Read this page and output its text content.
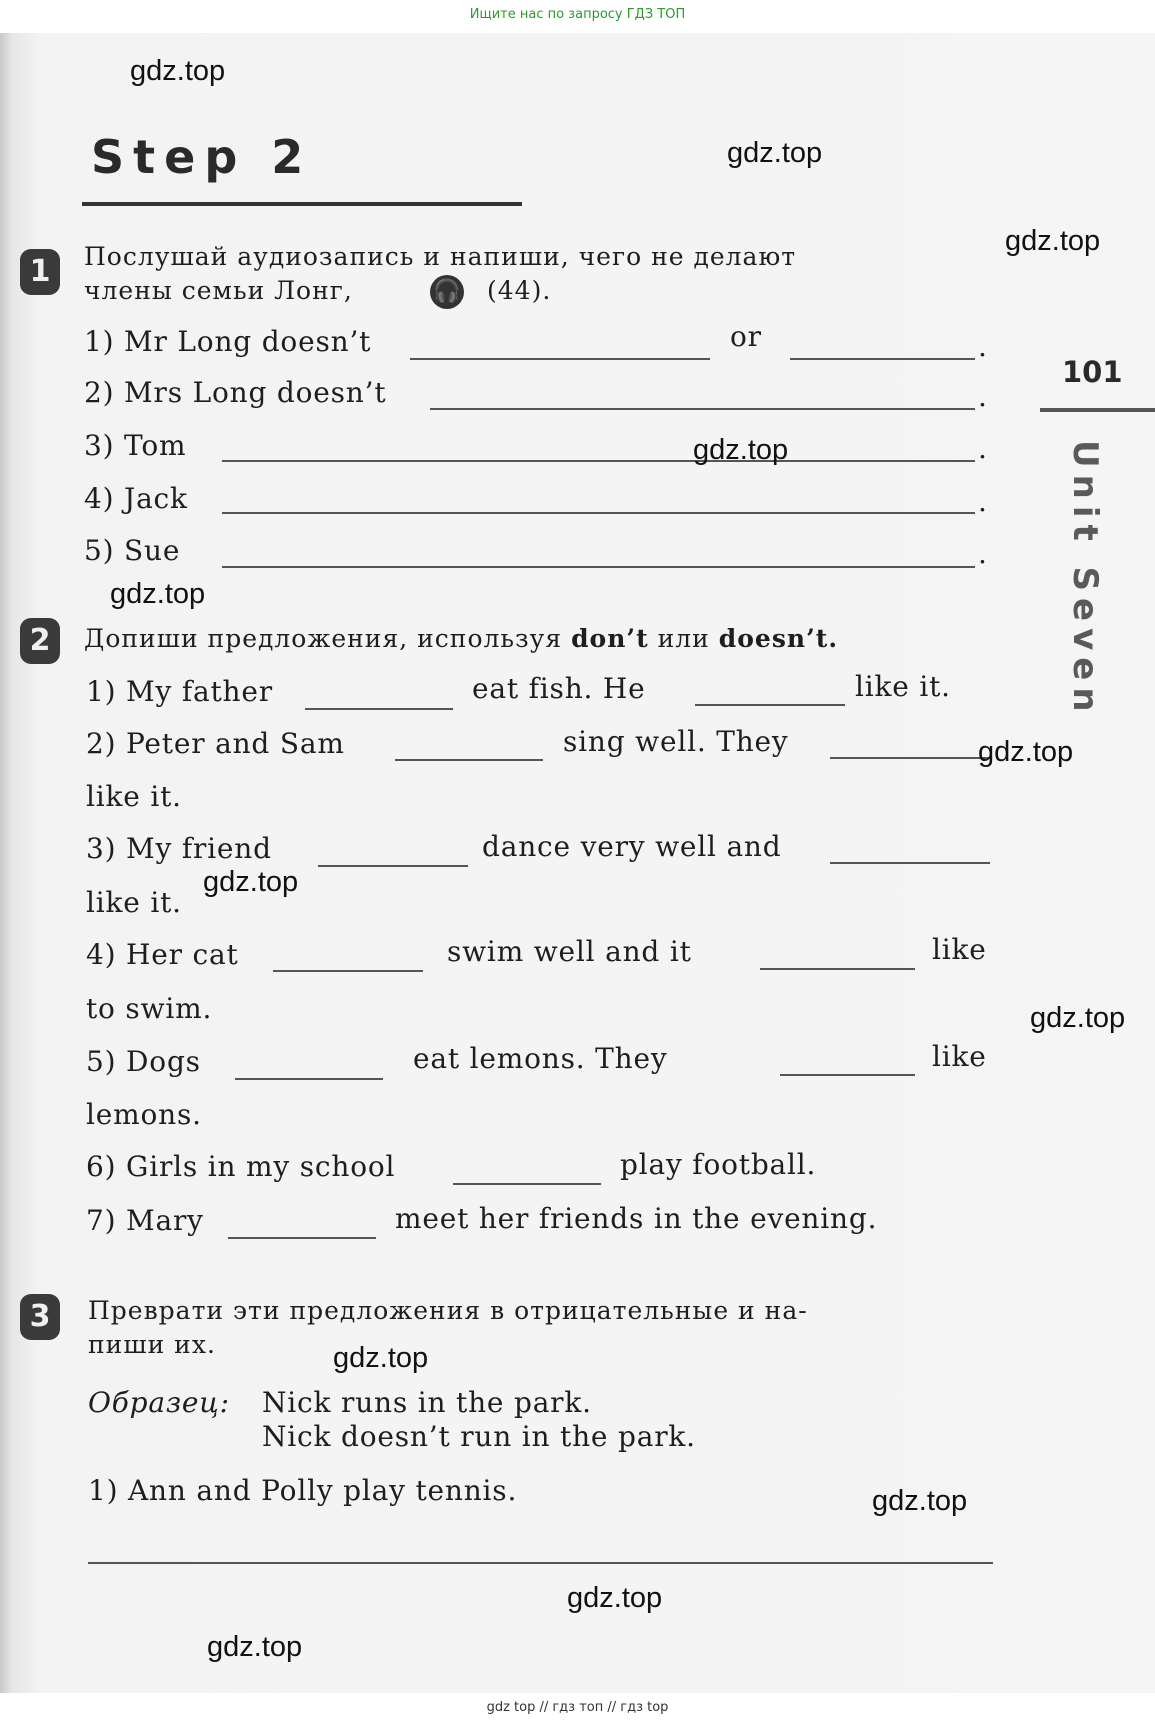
Ищите нас по запросу ГДЗ ТОП
gdz.top
Step 2	gdz.top
101
Unit Seven
1	Послушай аудиозапись и напиши, чего не делают	gdz.top
члены семьи Лонг,	🎧 (44).
1) Mr Long doesn’t	or	.
2) Mrs Long doesn’t	.
3) Tom	.
gdz.top
4) Jack	.
5) Sue	.
gdz.top
2	Допиши предложения, используя don’t или doesn’t.
1) My father	eat fish. He	like it.
2) Peter and Sam	sing well. They	gdz.top
like it.
3) My friend	dance very well and
gdz.top
like it.
4) Her cat	swim well and it	like
to swim.	gdz.top
5) Dogs	eat lemons. They	like
lemons.
6) Girls in my school	play football.
7) Mary	meet her friends in the evening.
3	Преврати эти предложения в отрицательные и на-
пиши их.	gdz.top
Образец: Nick runs in the park.
Nick doesn’t run in the park.
1) Ann and Polly play tennis.	gdz.top
gdz.top
gdz.top
gdz top // гдз топ // гдз top
